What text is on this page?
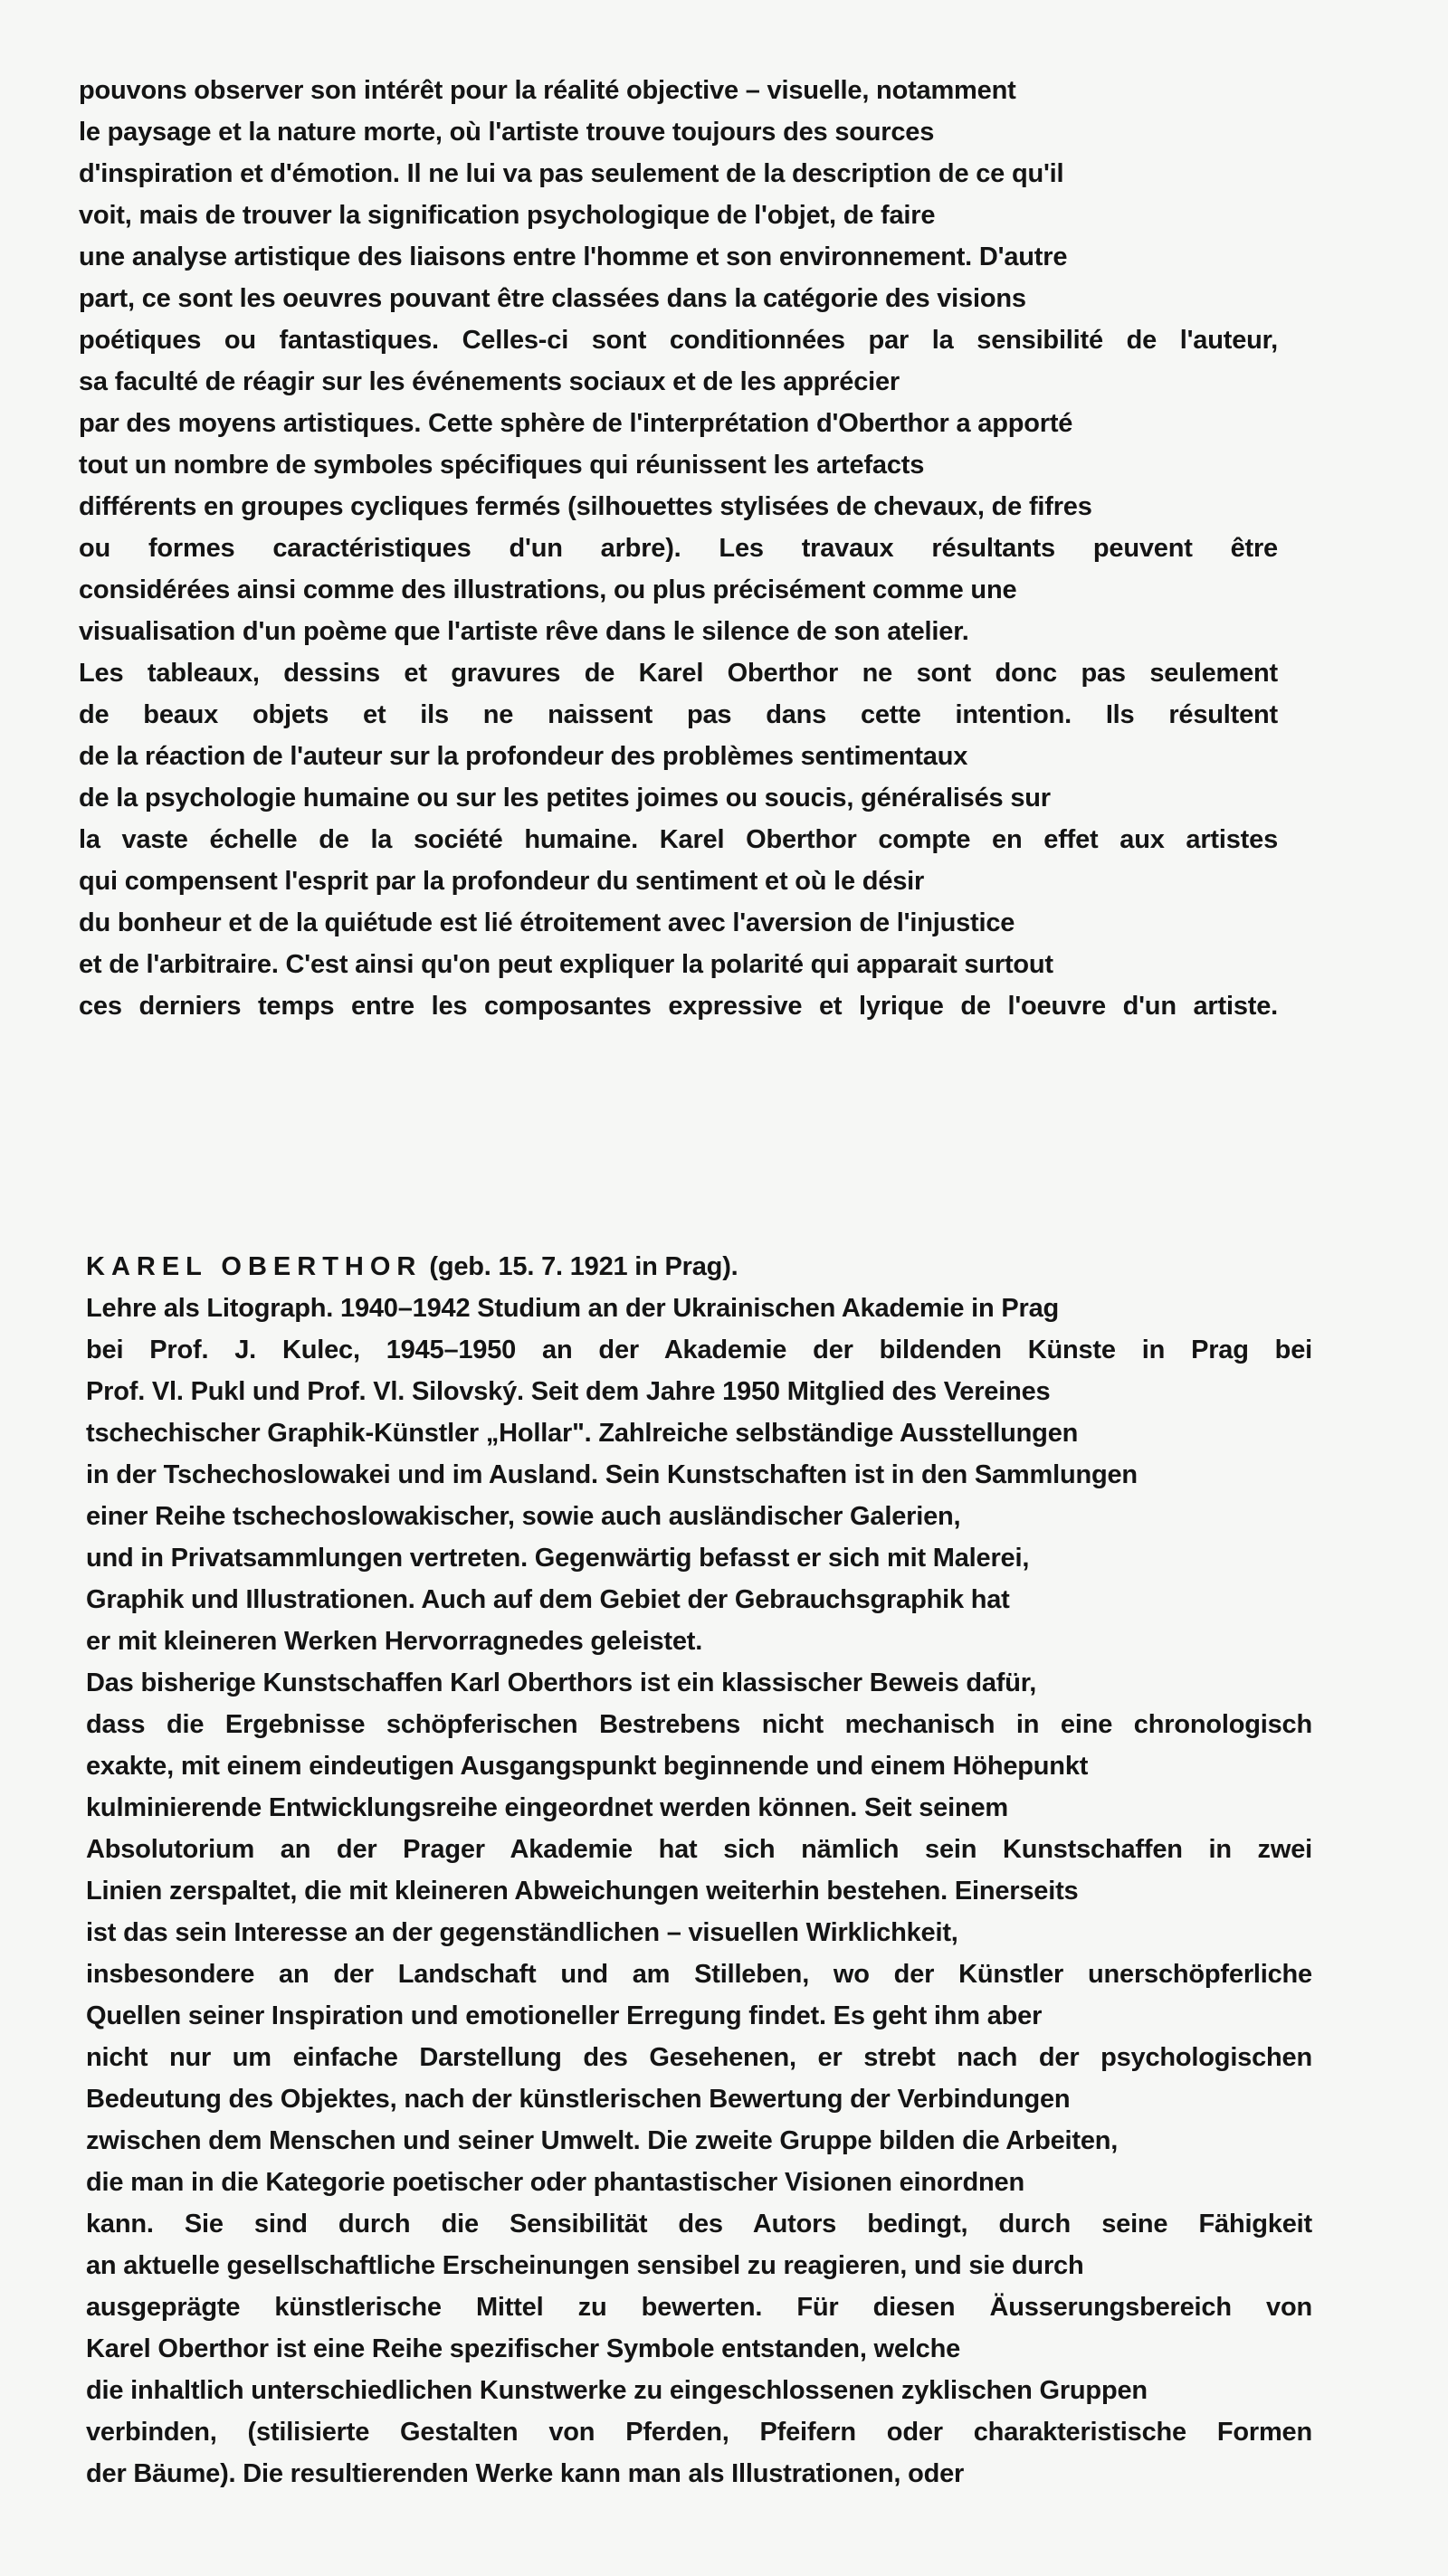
pouvons observer son intérêt pour la réalité objective – visuelle, notamment
le paysage et la nature morte, où l'artiste trouve toujours des sources
d'inspiration et d'émotion. Il ne lui va pas seulement de la description de ce qu'il
voit, mais de trouver la signification psychologique de l'objet, de faire
une analyse artistique des liaisons entre l'homme et son environnement. D'autre
part, ce sont les oeuvres pouvant être classées dans la catégorie des visions
poétiques ou fantastiques. Celles-ci sont conditionnées par la sensibilité de l'auteur,
sa faculté de réagir sur les événements sociaux et de les apprécier
par des moyens artistiques. Cette sphère de l'interprétation d'Oberthor a apporté
tout un nombre de symboles spécifiques qui réunissent les artefacts
différents en groupes cycliques fermés (silhouettes stylisées de chevaux, de fifres
ou formes caractéristiques d'un arbre). Les travaux résultants peuvent être
considérées ainsi comme des illustrations, ou plus précisément comme une
visualisation d'un poème que l'artiste rêve dans le silence de son atelier.
Les tableaux, dessins et gravures de Karel Oberthor ne sont donc pas seulement
de beaux objets et ils ne naissent pas dans cette intention. Ils résultent
de la réaction de l'auteur sur la profondeur des problèmes sentimentaux
de la psychologie humaine ou sur les petites joimes ou soucis, généralisés sur
la vaste échelle de la société humaine. Karel Oberthor compte en effet aux artistes
qui compensent l'esprit par la profondeur du sentiment et où le désir
du bonheur et de la quiétude est lié étroitement avec l'aversion de l'injustice
et de l'arbitraire. C'est ainsi qu'on peut expliquer la polarité qui apparait surtout
ces derniers temps entre les composantes expressive et lyrique de l'oeuvre d'un artiste.
KAREL OBERTHOR (geb. 15. 7. 1921 in Prag).
Lehre als Litograph. 1940–1942 Studium an der Ukrainischen Akademie in Prag
bei Prof. J. Kulec, 1945–1950 an der Akademie der bildenden Künste in Prag bei
Prof. Vl. Pukl und Prof. Vl. Silovský. Seit dem Jahre 1950 Mitglied des Vereines
tschechischer Graphik-Künstler „Hollar". Zahlreiche selbständige Ausstellungen
in der Tschechoslowakei und im Ausland. Sein Kunstschaften ist in den Sammlungen
einer Reihe tschechoslowakischer, sowie auch ausländischer Galerien,
und in Privatsammlungen vertreten. Gegenwärtig befasst er sich mit Malerei,
Graphik und Illustrationen. Auch auf dem Gebiet der Gebrauchsgraphik hat
er mit kleineren Werken Hervorragnedes geleistet.
Das bisherige Kunstschaffen Karl Oberthors ist ein klassischer Beweis dafür,
dass die Ergebnisse schöpferischen Bestrebens nicht mechanisch in eine chronologisch
exakte, mit einem eindeutigen Ausgangspunkt beginnende und einem Höhepunkt
kulminierende Entwicklungsreihe eingeordnet werden können. Seit seinem
Absolutorium an der Prager Akademie hat sich nämlich sein Kunstschaffen in zwei
Linien zerspaltet, die mit kleineren Abweichungen weiterhin bestehen. Einerseits
ist das sein Interesse an der gegenständlichen – visuellen Wirklichkeit,
insbesondere an der Landschaft und am Stilleben, wo der Künstler unerschöpferliche
Quellen seiner Inspiration und emotioneller Erregung findet. Es geht ihm aber
nicht nur um einfache Darstellung des Gesehenen, er strebt nach der psychologischen
Bedeutung des Objektes, nach der künstlerischen Bewertung der Verbindungen
zwischen dem Menschen und seiner Umwelt. Die zweite Gruppe bilden die Arbeiten,
die man in die Kategorie poetischer oder phantastischer Visionen einordnen
kann. Sie sind durch die Sensibilität des Autors bedingt, durch seine Fähigkeit
an aktuelle gesellschaftliche Erscheinungen sensibel zu reagieren, und sie durch
ausgeprägte künstlerische Mittel zu bewerten. Für diesen Äusserungsbereich von
Karel Oberthor ist eine Reihe spezifischer Symbole entstanden, welche
die inhaltlich unterschiedlichen Kunstwerke zu eingeschlossenen zyklischen Gruppen
verbinden, (stilisierte Gestalten von Pferden, Pfeifern oder charakteristische Formen
der Bäume). Die resultierenden Werke kann man als Illustrationen, oder
